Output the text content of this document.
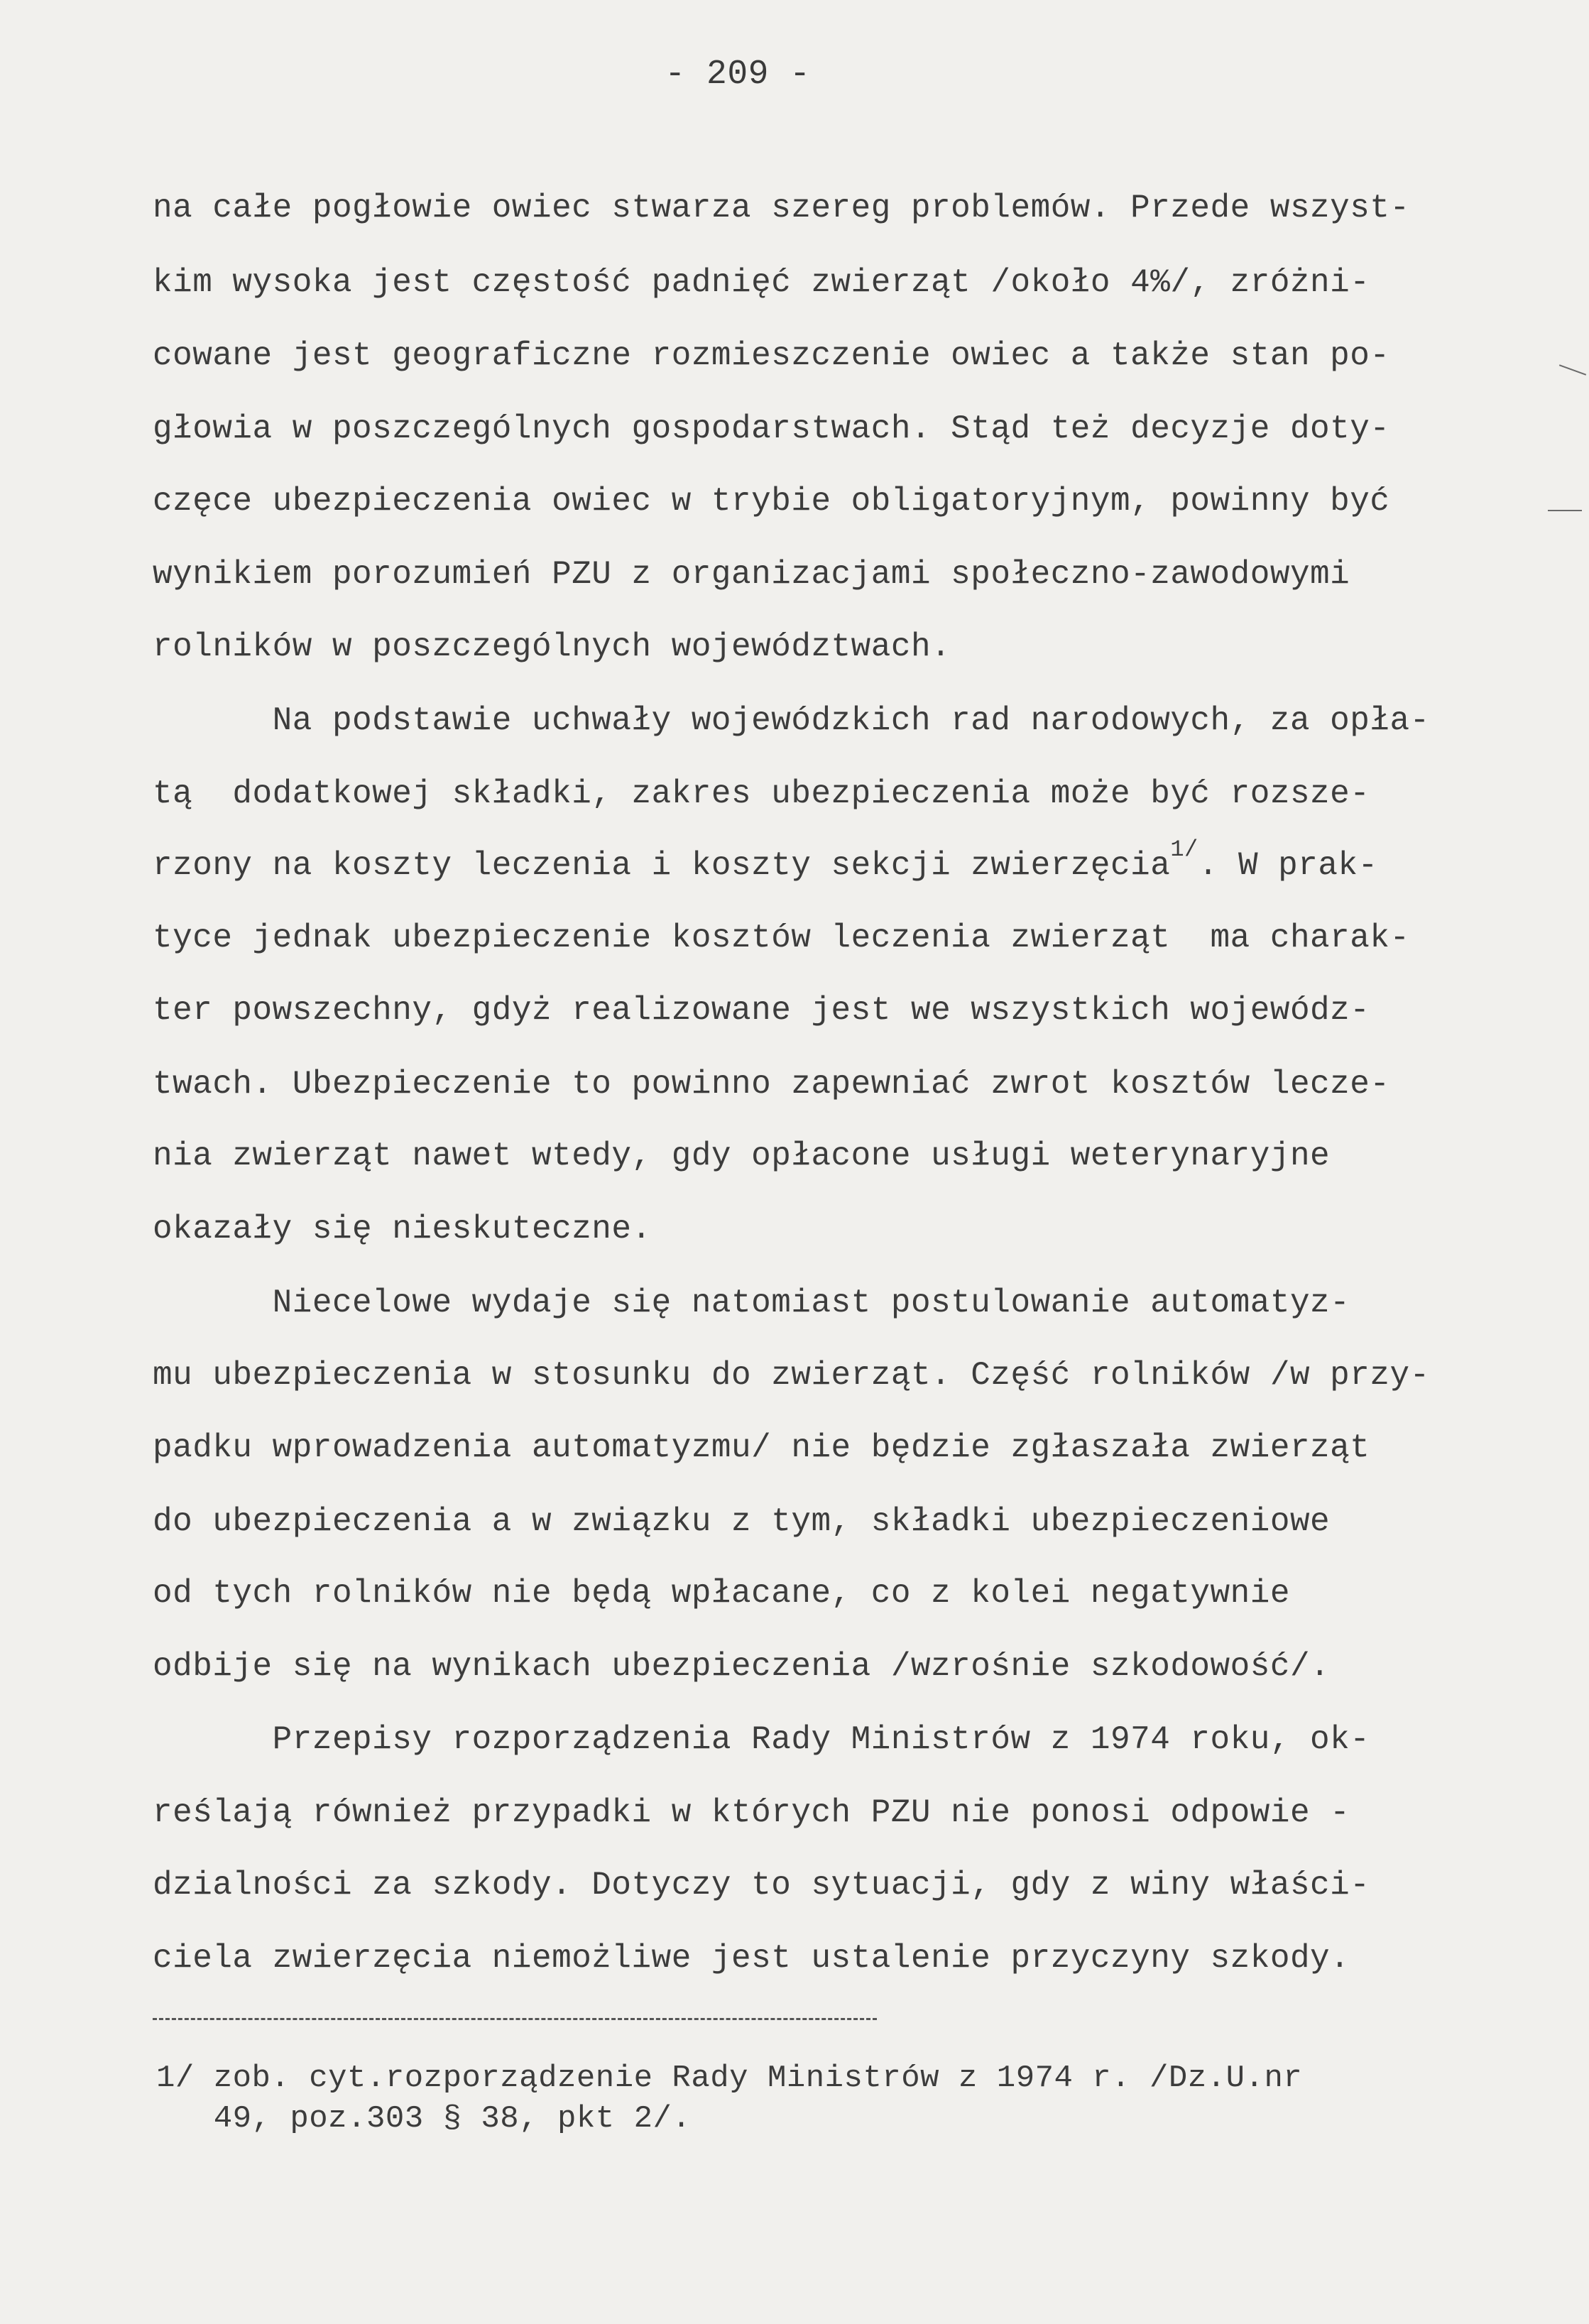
- 209 -
na całe pogłowie owiec stwarza szereg problemów. Przede wszyst-
kim wysoka jest częstość padnięć zwierząt /około 4%/, zróżni-
cowane jest geograficzne rozmieszczenie owiec a także stan po-
głowia w poszczególnych gospodarstwach. Stąd też decyzje doty-
częce ubezpieczenia owiec w trybie obligatoryjnym, powinny być
wynikiem porozumień PZU z organizacjami społeczno-zawodowymi
rolników w poszczególnych województwach.
Na podstawie uchwały wojewódzkich rad narodowych, za opła-
tą  dodatkowej składki, zakres ubezpieczenia może być rozsze-
rzony na koszty leczenia i koszty sekcji zwierzęcia$^{1/}$. W prak-
tyce jednak ubezpieczenie kosztów leczenia zwierząt  ma charak-
ter powszechny, gdyż realizowane jest we wszystkich wojewódz-
twach. Ubezpieczenie to powinno zapewniać zwrot kosztów lecze-
nia zwierząt nawet wtedy, gdy opłacone usługi weterynaryjne
okazały się nieskuteczne.
Niecelowe wydaje się natomiast postulowanie automatyz-
mu ubezpieczenia w stosunku do zwierząt. Część rolników /w przy-
padku wprowadzenia automatyzmu/ nie będzie zgłaszała zwierząt
do ubezpieczenia a w związku z tym, składki ubezpieczeniowe
od tych rolników nie będą wpłacane, co z kolei negatywnie
odbije się na wynikach ubezpieczenia /wzrośnie szkodowość/.
Przepisy rozporządzenia Rady Ministrów z 1974 roku, ok-
reślają również przypadki w których PZU nie ponosi odpowie -
dzialności za szkody. Dotyczy to sytuacji, gdy z winy właści-
ciela zwierzęcia niemożliwe jest ustalenie przyczyny szkody.
1/ zob. cyt.rozporządzenie Rady Ministrów z 1974 r. /Dz.U.nr
49, poz.303 § 38, pkt 2/.
